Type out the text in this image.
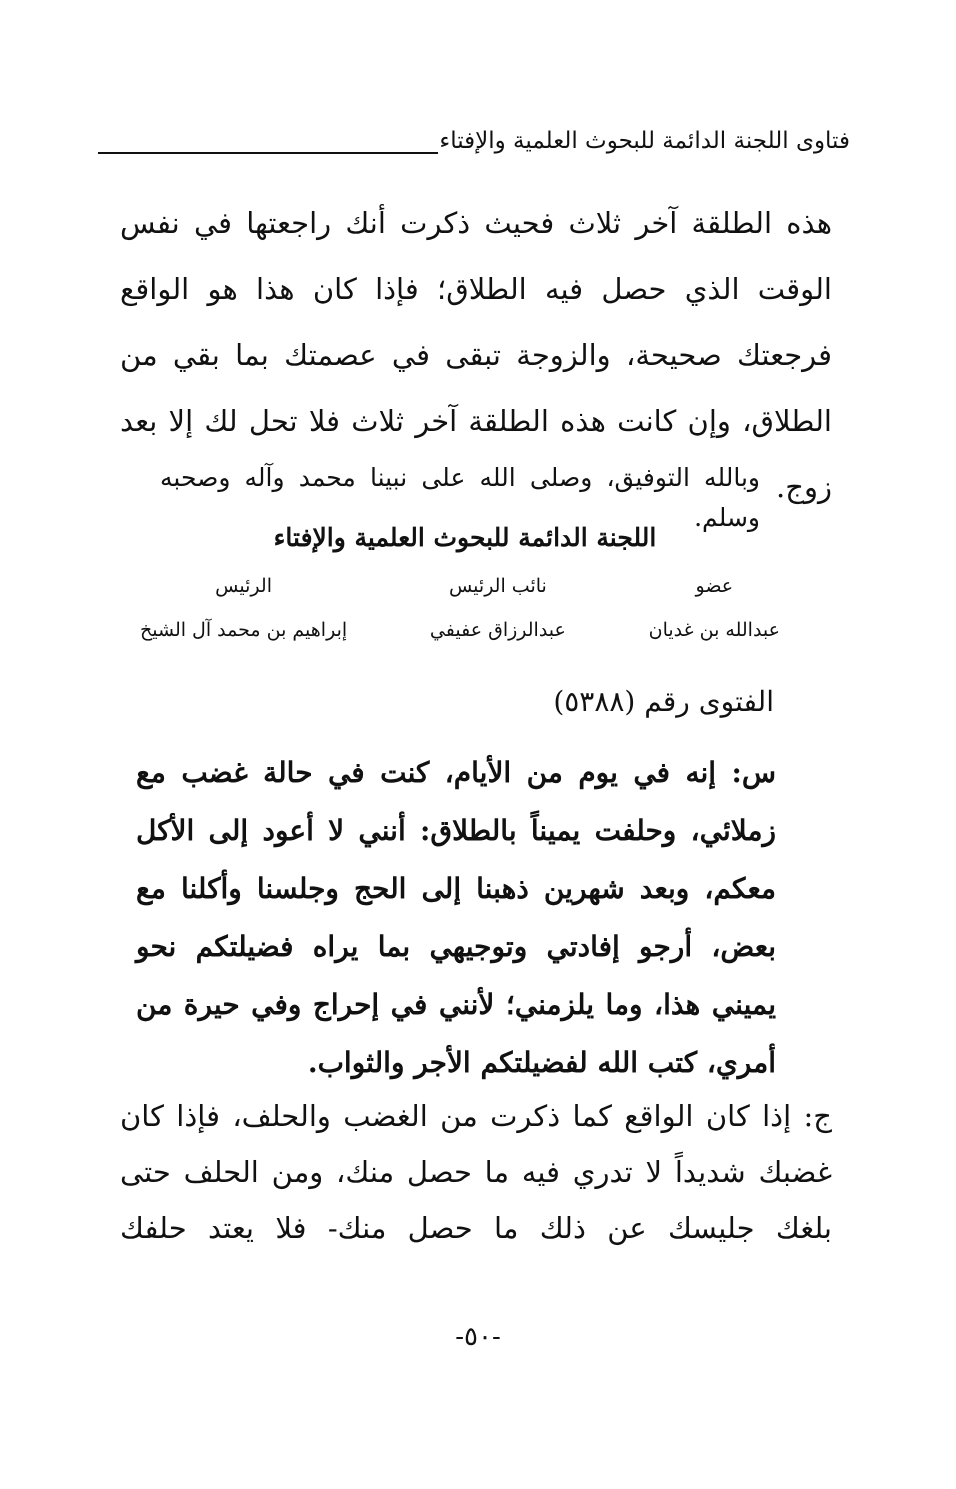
فتاوى اللجنة الدائمة للبحوث العلمية والإفتاء

هذه الطلقة آخر ثلاث فحيث ذكرت أنك راجعتها في نفس الوقت الذي حصل فيه الطلاق؛ فإذا كان هذا هو الواقع فرجعتك صحيحة، والزوجة تبقى في عصمتك بما بقي من الطلاق، وإن كانت هذه الطلقة آخر ثلاث فلا تحل لك إلا بعد زوج.

وبالله التوفيق، وصلى الله على نبينا محمد وآله وصحبه وسلم.

اللجنة الدائمة للبحوث العلمية والإفتاء
عضو
عبدالله بن غديان
نائب الرئيس
عبدالرزاق عفيفي
الرئيس
إبراهيم بن محمد آل الشيخ
الفتوى رقم (٥٣٨٨)

س: إنه في يوم من الأيام، كنت في حالة غضب مع زملائي، وحلفت يميناً بالطلاق: أنني لا أعود إلى الأكل معكم، وبعد شهرين ذهبنا إلى الحج وجلسنا وأكلنا مع بعض، أرجو إفادتي وتوجيهي بما يراه فضيلتكم نحو يميني هذا، وما يلزمني؛ لأنني في إحراج وفي حيرة من أمري، كتب الله لفضيلتكم الأجر والثواب.

ج: إذا كان الواقع كما ذكرت من الغضب والحلف، فإذا كان غضبك شديداً لا تدري فيه ما حصل منك، ومن الحلف حتى بلغك جليسك عن ذلك ما حصل منك- فلا يعتد حلفك

-٥٠-
